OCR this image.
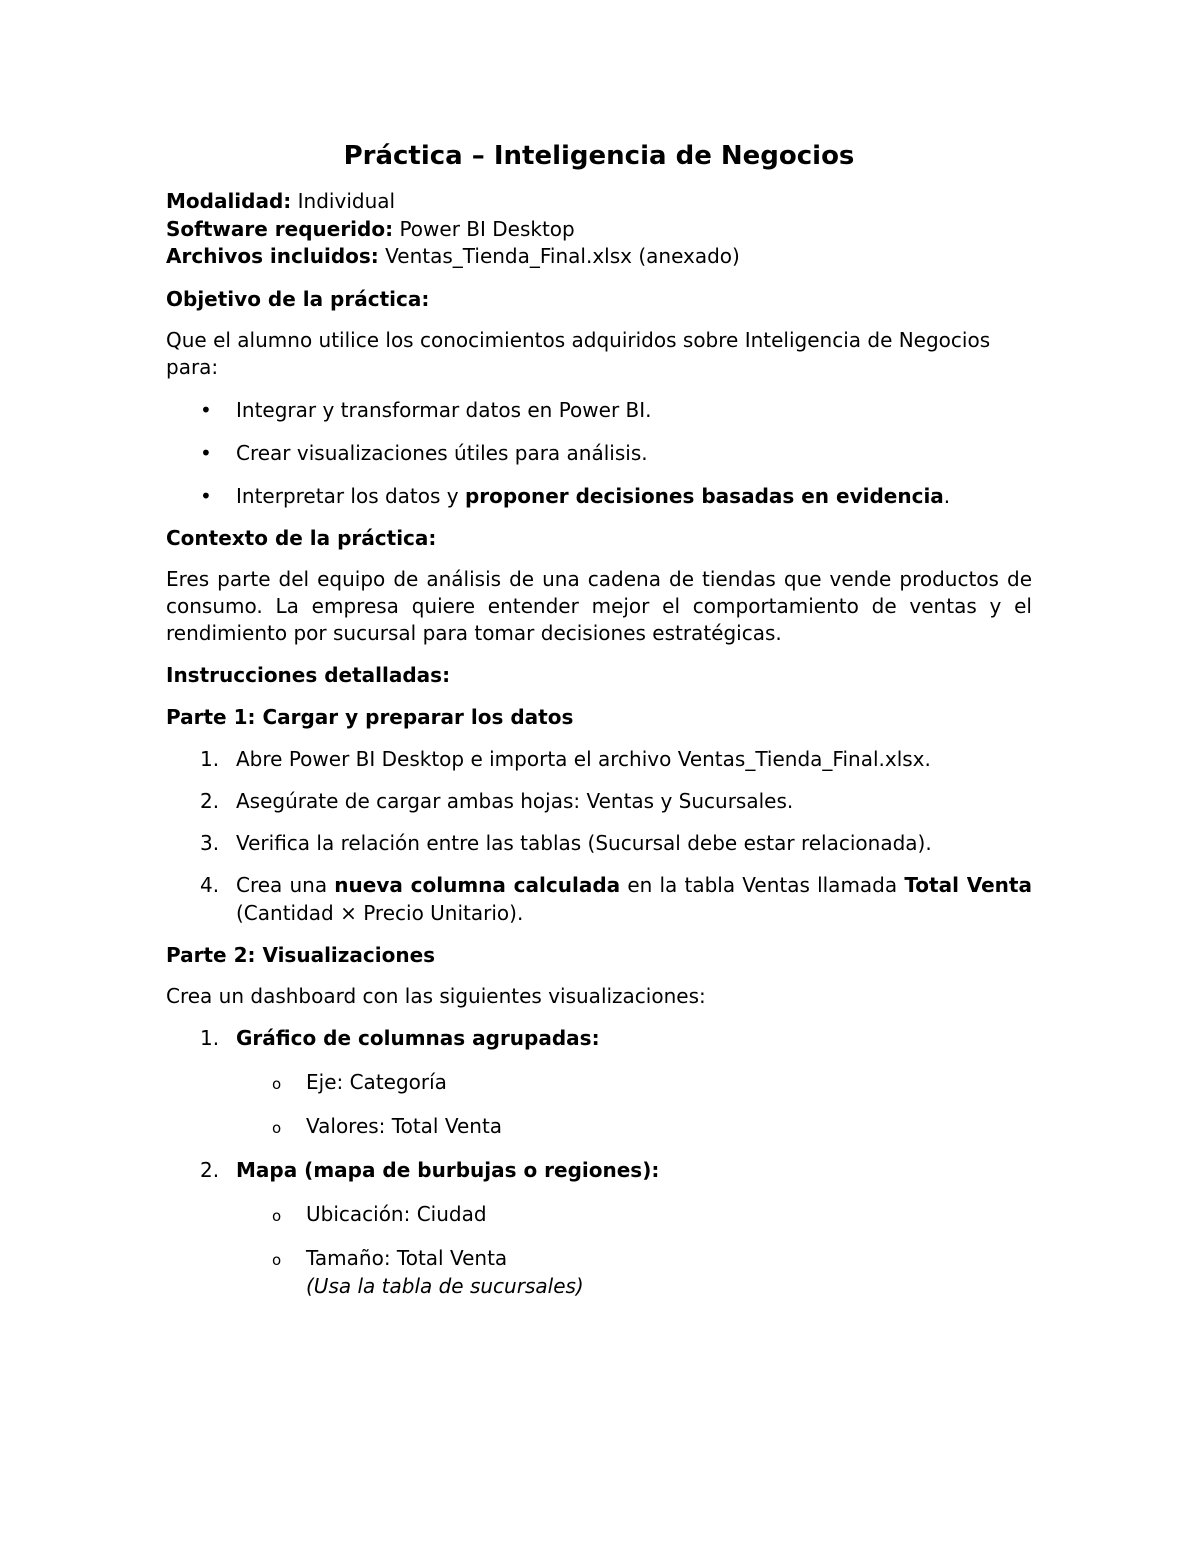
Práctica – Inteligencia de Negocios

Modalidad: Individual

Software requerido: Power BI Desktop

Archivos incluidos: Ventas_Tienda_Final.xlsx (anexado)

Objetivo de la práctica:

Que el alumno utilice los conocimientos adquiridos sobre Inteligencia de Negocios para:

• Integrar y transformar datos en Power BI.
• Crear visualizaciones útiles para análisis.
• Interpretar los datos y proponer decisiones basadas en evidencia.

Contexto de la práctica:

Eres parte del equipo de análisis de una cadena de tiendas que vende productos de consumo. La empresa quiere entender mejor el comportamiento de ventas y el rendimiento por sucursal para tomar decisiones estratégicas.

Instrucciones detalladas:

Parte 1: Cargar y preparar los datos

1. Abre Power BI Desktop e importa el archivo Ventas_Tienda_Final.xlsx.
2. Asegúrate de cargar ambas hojas: Ventas y Sucursales.
3. Verifica la relación entre las tablas (Sucursal debe estar relacionada).
4. Crea una nueva columna calculada en la tabla Ventas llamada Total Venta (Cantidad × Precio Unitario).

Parte 2: Visualizaciones

Crea un dashboard con las siguientes visualizaciones:

1. Gráfico de columnas agrupadas:
o Eje: Categoría
o Valores: Total Venta
2. Mapa (mapa de burbujas o regiones):
o Ubicación: Ciudad
o Tamaño: Total Venta
(Usa la tabla de sucursales)
